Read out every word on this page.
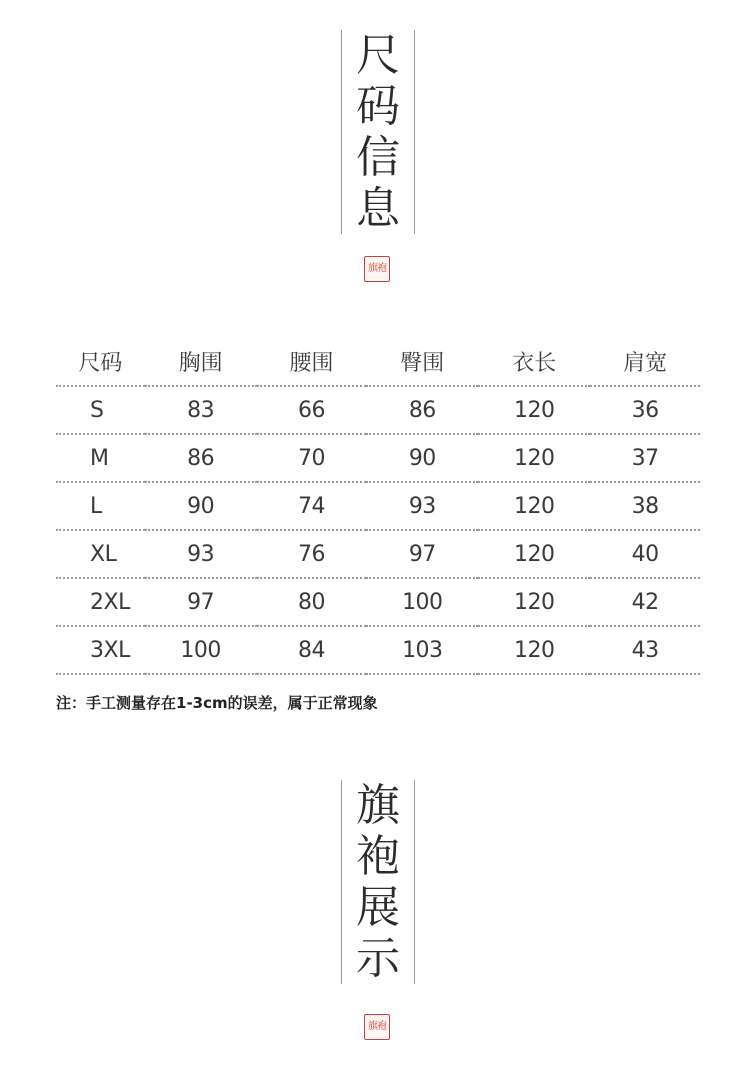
尺
码
信
息
旗袍
尺码	胸围	腰围	臀围	衣长	肩宽
S	83	66	86	120	36
M	86	70	90	120	37
L	90	74	93	120	38
XL	93	76	97	120	40
2XL	97	80	100	120	42
3XL	100	84	103	120	43
注：手工测量存在1-3cm的误差，属于正常现象
旗
袍
展
示
旗袍
